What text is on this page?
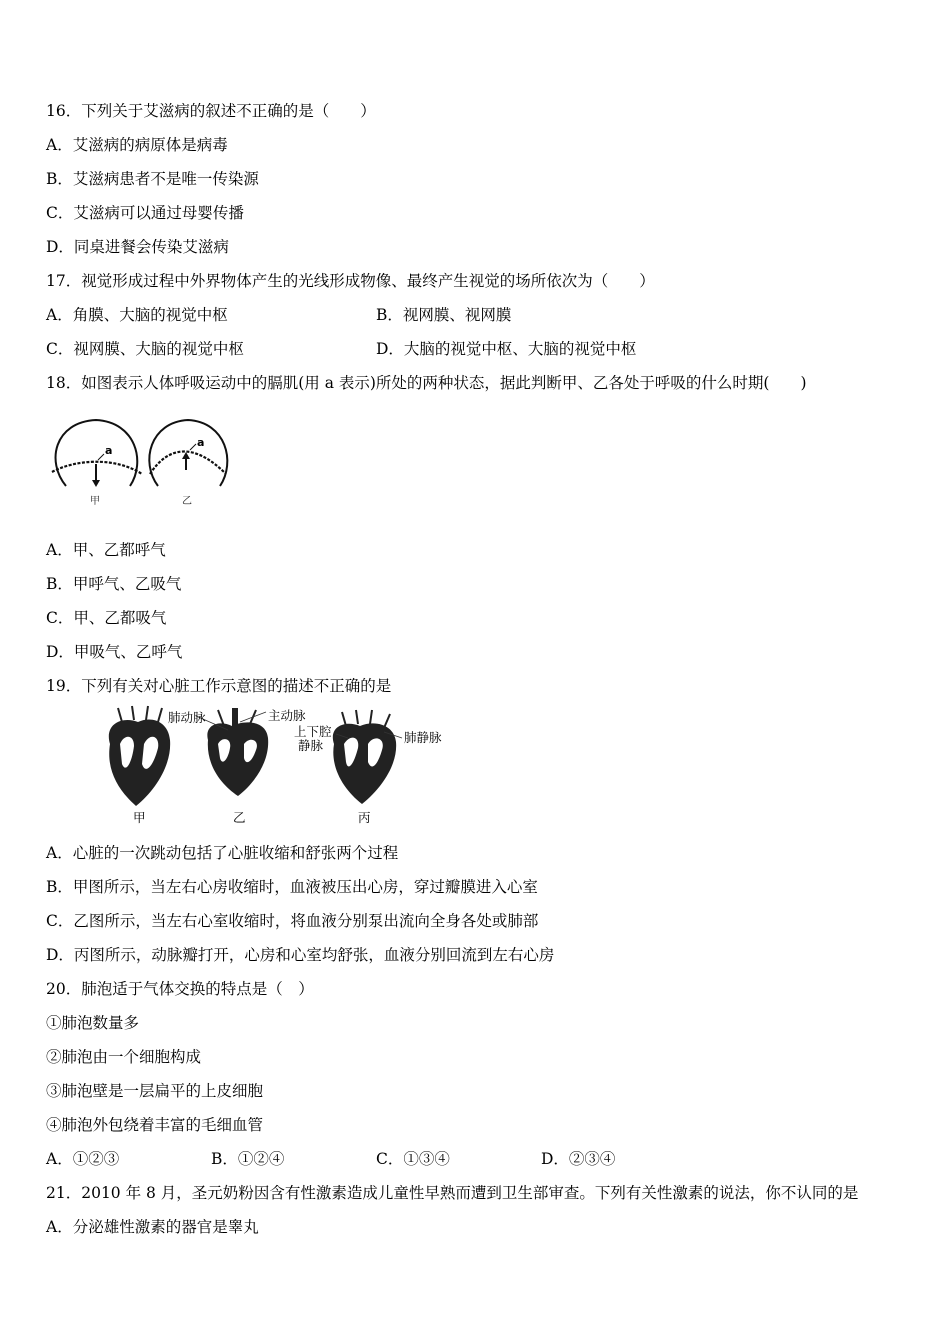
16．下列关于艾滋病的叙述不正确的是（　　）
A．艾滋病的病原体是病毒
B．艾滋病患者不是唯一传染源
C．艾滋病可以通过母婴传播
D．同桌进餐会传染艾滋病
17．视觉形成过程中外界物体产生的光线形成物像、最终产生视觉的场所依次为（　　）
A．角膜、大脑的视觉中枢	B．视网膜、视网膜
C．视网膜、大脑的视觉中枢	D．大脑的视觉中枢、大脑的视觉中枢
18．如图表示人体呼吸运动中的膈肌(用 a 表示)所处的两种状态，据此判断甲、乙各处于呼吸的什么时期(　　)
a
甲
a
乙
A．甲、乙都呼气
B．甲呼气、乙吸气
C．甲、乙都吸气
D．甲吸气、乙呼气
19．下列有关对心脏工作示意图的描述不正确的是
肺动脉	主动脉
上下腔
静脉
肺静脉
甲	乙	丙
A．心脏的一次跳动包括了心脏收缩和舒张两个过程
B．甲图所示，当左右心房收缩时，血液被压出心房，穿过瓣膜进入心室
C．乙图所示，当左右心室收缩时，将血液分别泵出流向全身各处或肺部
D．丙图所示，动脉瓣打开，心房和心室均舒张，血液分别回流到左右心房
20．肺泡适于气体交换的特点是（　）
①肺泡数量多
②肺泡由一个细胞构成
③肺泡壁是一层扁平的上皮细胞
④肺泡外包绕着丰富的毛细血管
A．①②③	B．①②④	C．①③④	D．②③④
21．2010 年 8 月，圣元奶粉因含有性激素造成儿童性早熟而遭到卫生部审查。下列有关性激素的说法，你不认同的是
A．分泌雄性激素的器官是睾丸
